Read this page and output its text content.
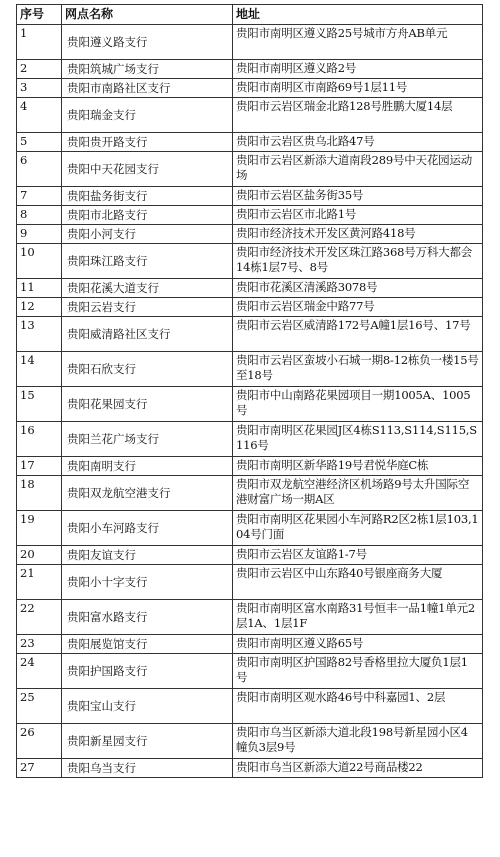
序号	网点名称	地址
1	贵阳遵义路支行	贵阳市南明区遵义路25号城市方舟AB单元
2	贵阳筑城广场支行	贵阳市南明区遵义路2号
3	贵阳市南路社区支行	贵阳市南明区市南路69号1层11号
4	贵阳瑞金支行	贵阳市云岩区瑞金北路128号胜鹏大厦14层
5	贵阳贵开路支行	贵阳市云岩区贵乌北路47号
6	贵阳中天花园支行	贵阳市云岩区新添大道南段289号中天花园运动场
7	贵阳盐务街支行	贵阳市云岩区盐务街35号
8	贵阳市北路支行	贵阳市云岩区市北路1号
9	贵阳小河支行	贵阳市经济技术开发区黄河路418号
10	贵阳珠江路支行	贵阳市经济技术开发区珠江路368号万科大都会14栋1层7号、8号
11	贵阳花溪大道支行	贵阳市花溪区清溪路3078号
12	贵阳云岩支行	贵阳市云岩区瑞金中路77号
13	贵阳威清路社区支行	贵阳市云岩区威清路172号A幢1层16号、17号
14	贵阳石欣支行	贵阳市云岩区蛮坡小石城一期8-12栋负一楼15号至18号
15	贵阳花果园支行	贵阳市中山南路花果园项目一期1005A、1005号
16	贵阳兰花广场支行	贵阳市南明区花果园J区4栋S113,S114,S115,S116号
17	贵阳南明支行	贵阳市南明区新华路19号君悦华庭C栋
18	贵阳双龙航空港支行	贵阳市双龙航空港经济区机场路9号太升国际空港财富广场一期A区
19	贵阳小车河路支行	贵阳市南明区花果园小车河路R2区2栋1层103,104号门面
20	贵阳友谊支行	贵阳市云岩区友谊路1-7号
21	贵阳小十字支行	贵阳市云岩区中山东路40号银座商务大厦
22	贵阳富水路支行	贵阳市南明区富水南路31号恒丰一品1幢1单元2层1A、1层1F
23	贵阳展览馆支行	贵阳市南明区遵义路65号
24	贵阳护国路支行	贵阳市南明区护国路82号香格里拉大厦负1层1号
25	贵阳宝山支行	贵阳市南明区观水路46号中科嘉园1、2层
26	贵阳新星园支行	贵阳市乌当区新添大道北段198号新星园小区4幢负3层9号
27	贵阳乌当支行	贵阳市乌当区新添大道22号商品楼22
